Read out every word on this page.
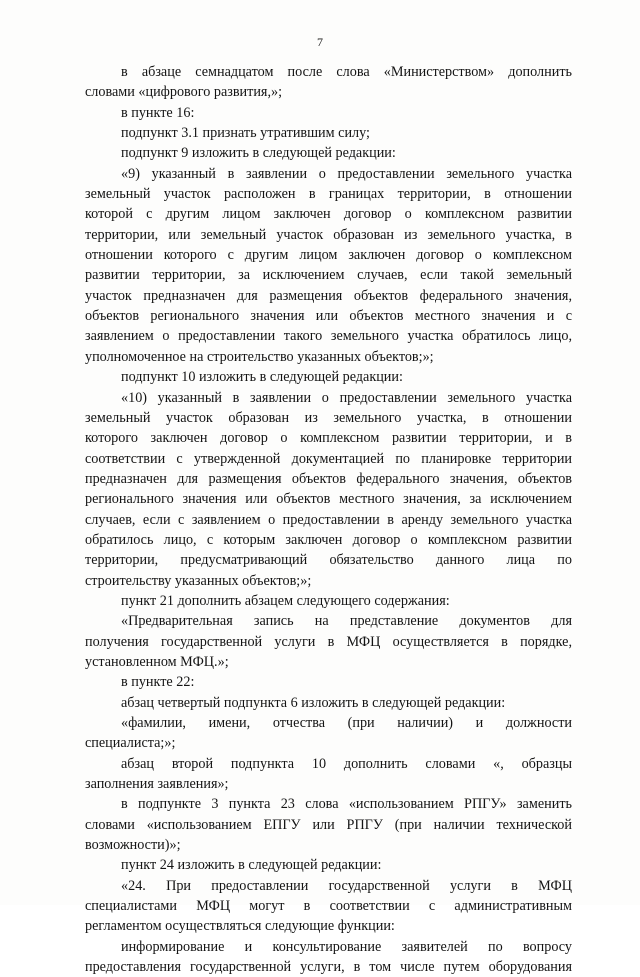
7
в абзаце семнадцатом после слова «Министерством» дополнить
словами «цифрового развития,»;
в пункте 16:
подпункт 3.1 признать утратившим силу;
подпункт 9 изложить в следующей редакции:
«9) указанный в заявлении о предоставлении земельного участка
земельный участок расположен в границах территории, в отношении
которой с другим лицом заключен договор о комплексном развитии
территории, или земельный участок образован из земельного участка, в
отношении которого с другим лицом заключен договор о комплексном
развитии территории, за исключением случаев, если такой земельный
участок предназначен для размещения объектов федерального значения,
объектов регионального значения или объектов местного значения и с
заявлением о предоставлении такого земельного участка обратилось лицо,
уполномоченное на строительство указанных объектов;»;
подпункт 10 изложить в следующей редакции:
«10) указанный в заявлении о предоставлении земельного участка
земельный участок образован из земельного участка, в отношении
которого заключен договор о комплексном развитии территории, и в
соответствии с утвержденной документацией по планировке территории
предназначен для размещения объектов федерального значения, объектов
регионального значения или объектов местного значения, за исключением
случаев, если с заявлением о предоставлении в аренду земельного участка
обратилось лицо, с которым заключен договор о комплексном развитии
территории, предусматривающий обязательство данного лица по
строительству указанных объектов;»;
пункт 21 дополнить абзацем следующего содержания:
«Предварительная запись на представление документов для
получения государственной услуги в МФЦ осуществляется в порядке,
установленном МФЦ.»;
в пункте 22:
абзац четвертый подпункта 6 изложить в следующей редакции:
«фамилии, имени, отчества (при наличии) и должности
специалиста;»;
абзац второй подпункта 10 дополнить словами «, образцы
заполнения заявления»;
в подпункте 3 пункта 23 слова «использованием РПГУ» заменить
словами «использованием ЕПГУ или РПГУ (при наличии технической
возможности)»;
пункт 24 изложить в следующей редакции:
«24. При предоставлении государственной услуги в МФЦ
специалистами МФЦ могут в соответствии с административным
регламентом осуществляться следующие функции:
информирование и консультирование заявителей по вопросу
предоставления государственной услуги, в том числе путем оборудования
